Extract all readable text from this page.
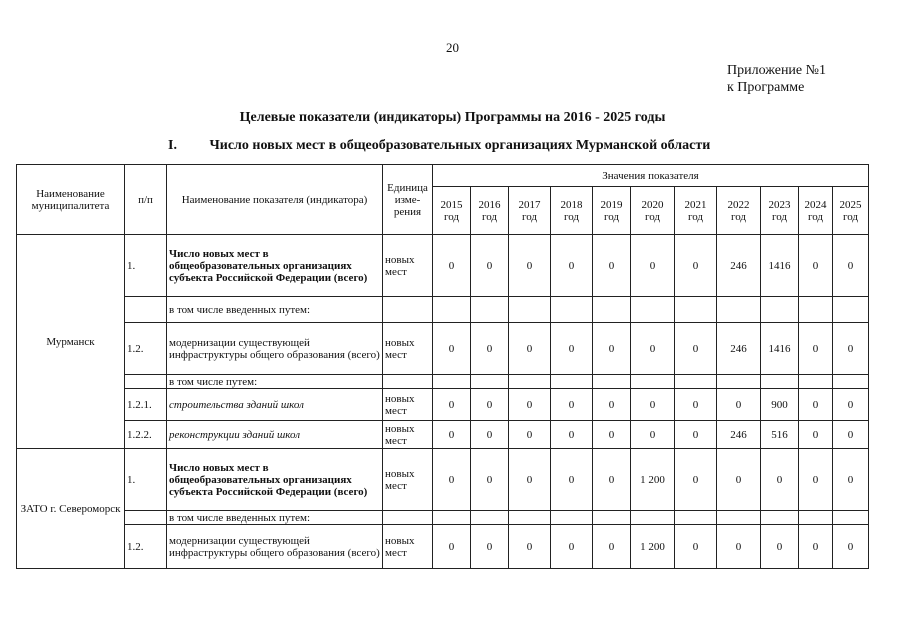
20
Приложение №1
к Программе
Целевые показатели (индикаторы) Программы на 2016 - 2025 годы
I. Число новых мест в общеобразовательных организациях Мурманской области
Наименование муниципалитета	п/п	Наименование показателя (индикатора)	Единица изме-рения	Значения показателя										
				2015 год	2016 год	2017 год	2018 год	2019 год	2020 год	2021 год	2022 год	2023 год	2024 год	2025 год
Мурманск	1.	Число новых мест в общеобразовательных организациях субъекта Российской Федерации (всего)	новых мест	0	0	0	0	0	0	0	246	1416	0	0
		в том числе введенных путем:												
	1.2.	модернизации существующей инфраструктуры общего образования (всего)	новых мест	0	0	0	0	0	0	0	246	1416	0	0
		в том числе путем:												
	1.2.1.	строительства зданий школ	новых мест	0	0	0	0	0	0	0	0	900	0	0
	1.2.2.	реконструкции зданий школ	новых мест	0	0	0	0	0	0	0	246	516	0	0
ЗАТО г. Североморск	1.	Число новых мест в общеобразовательных организациях субъекта Российской Федерации (всего)	новых мест	0	0	0	0	0	1 200	0	0	0	0	0
		в том числе введенных путем:												
	1.2.	модернизации существующей инфраструктуры общего образования (всего)	новых мест	0	0	0	0	0	1 200	0	0	0	0	0
